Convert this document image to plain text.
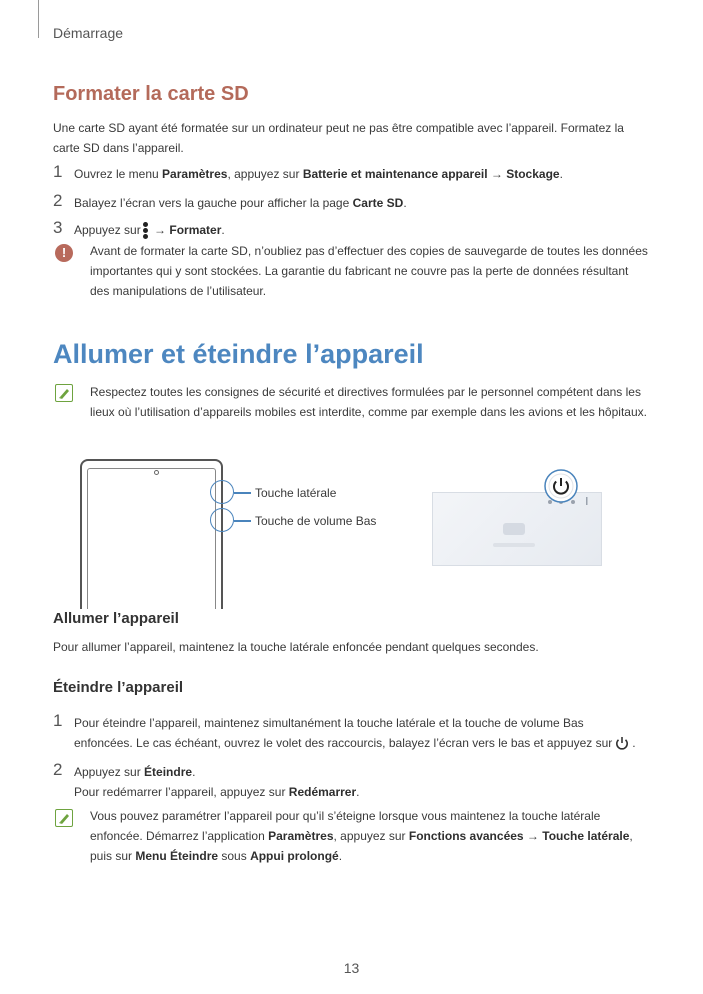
Démarrage
Formater la carte SD
Une carte SD ayant été formatée sur un ordinateur peut ne pas être compatible avec l’appareil. Formatez la carte SD dans l’appareil.
1 Ouvrez le menu Paramètres, appuyez sur Batterie et maintenance appareil → Stockage.
2 Balayez l’écran vers la gauche pour afficher la page Carte SD.
3 Appuyez sur
→ Formater.
!	Avant de formater la carte SD, n’oubliez pas d’effectuer des copies de sauvegarde de toutes les données importantes qui y sont stockées. La garantie du fabricant ne couvre pas la perte de données résultant des manipulations de l’utilisateur.
Allumer et éteindre l’appareil
Respectez toutes les consignes de sécurité et directives formulées par le personnel compétent dans les lieux où l’utilisation d’appareils mobiles est interdite, comme par exemple dans les avions et les hôpitaux.
Touche latérale
Touche de volume Bas
Allumer l’appareil
Pour allumer l’appareil, maintenez la touche latérale enfoncée pendant quelques secondes.
Éteindre l’appareil
1 Pour éteindre l’appareil, maintenez simultanément la touche latérale et la touche de volume Bas
enfoncées. Le cas échéant, ouvrez le volet des raccourcis, balayez l’écran vers le bas et appuyez sur .
2 Appuyez sur Éteindre.
Pour redémarrer l’appareil, appuyez sur Redémarrer.
Vous pouvez paramétrer l’appareil pour qu’il s’éteigne lorsque vous maintenez la touche latérale enfoncée. Démarrez l’application Paramètres, appuyez sur Fonctions avancées → Touche latérale, puis sur Menu Éteindre sous Appui prolongé.
13
